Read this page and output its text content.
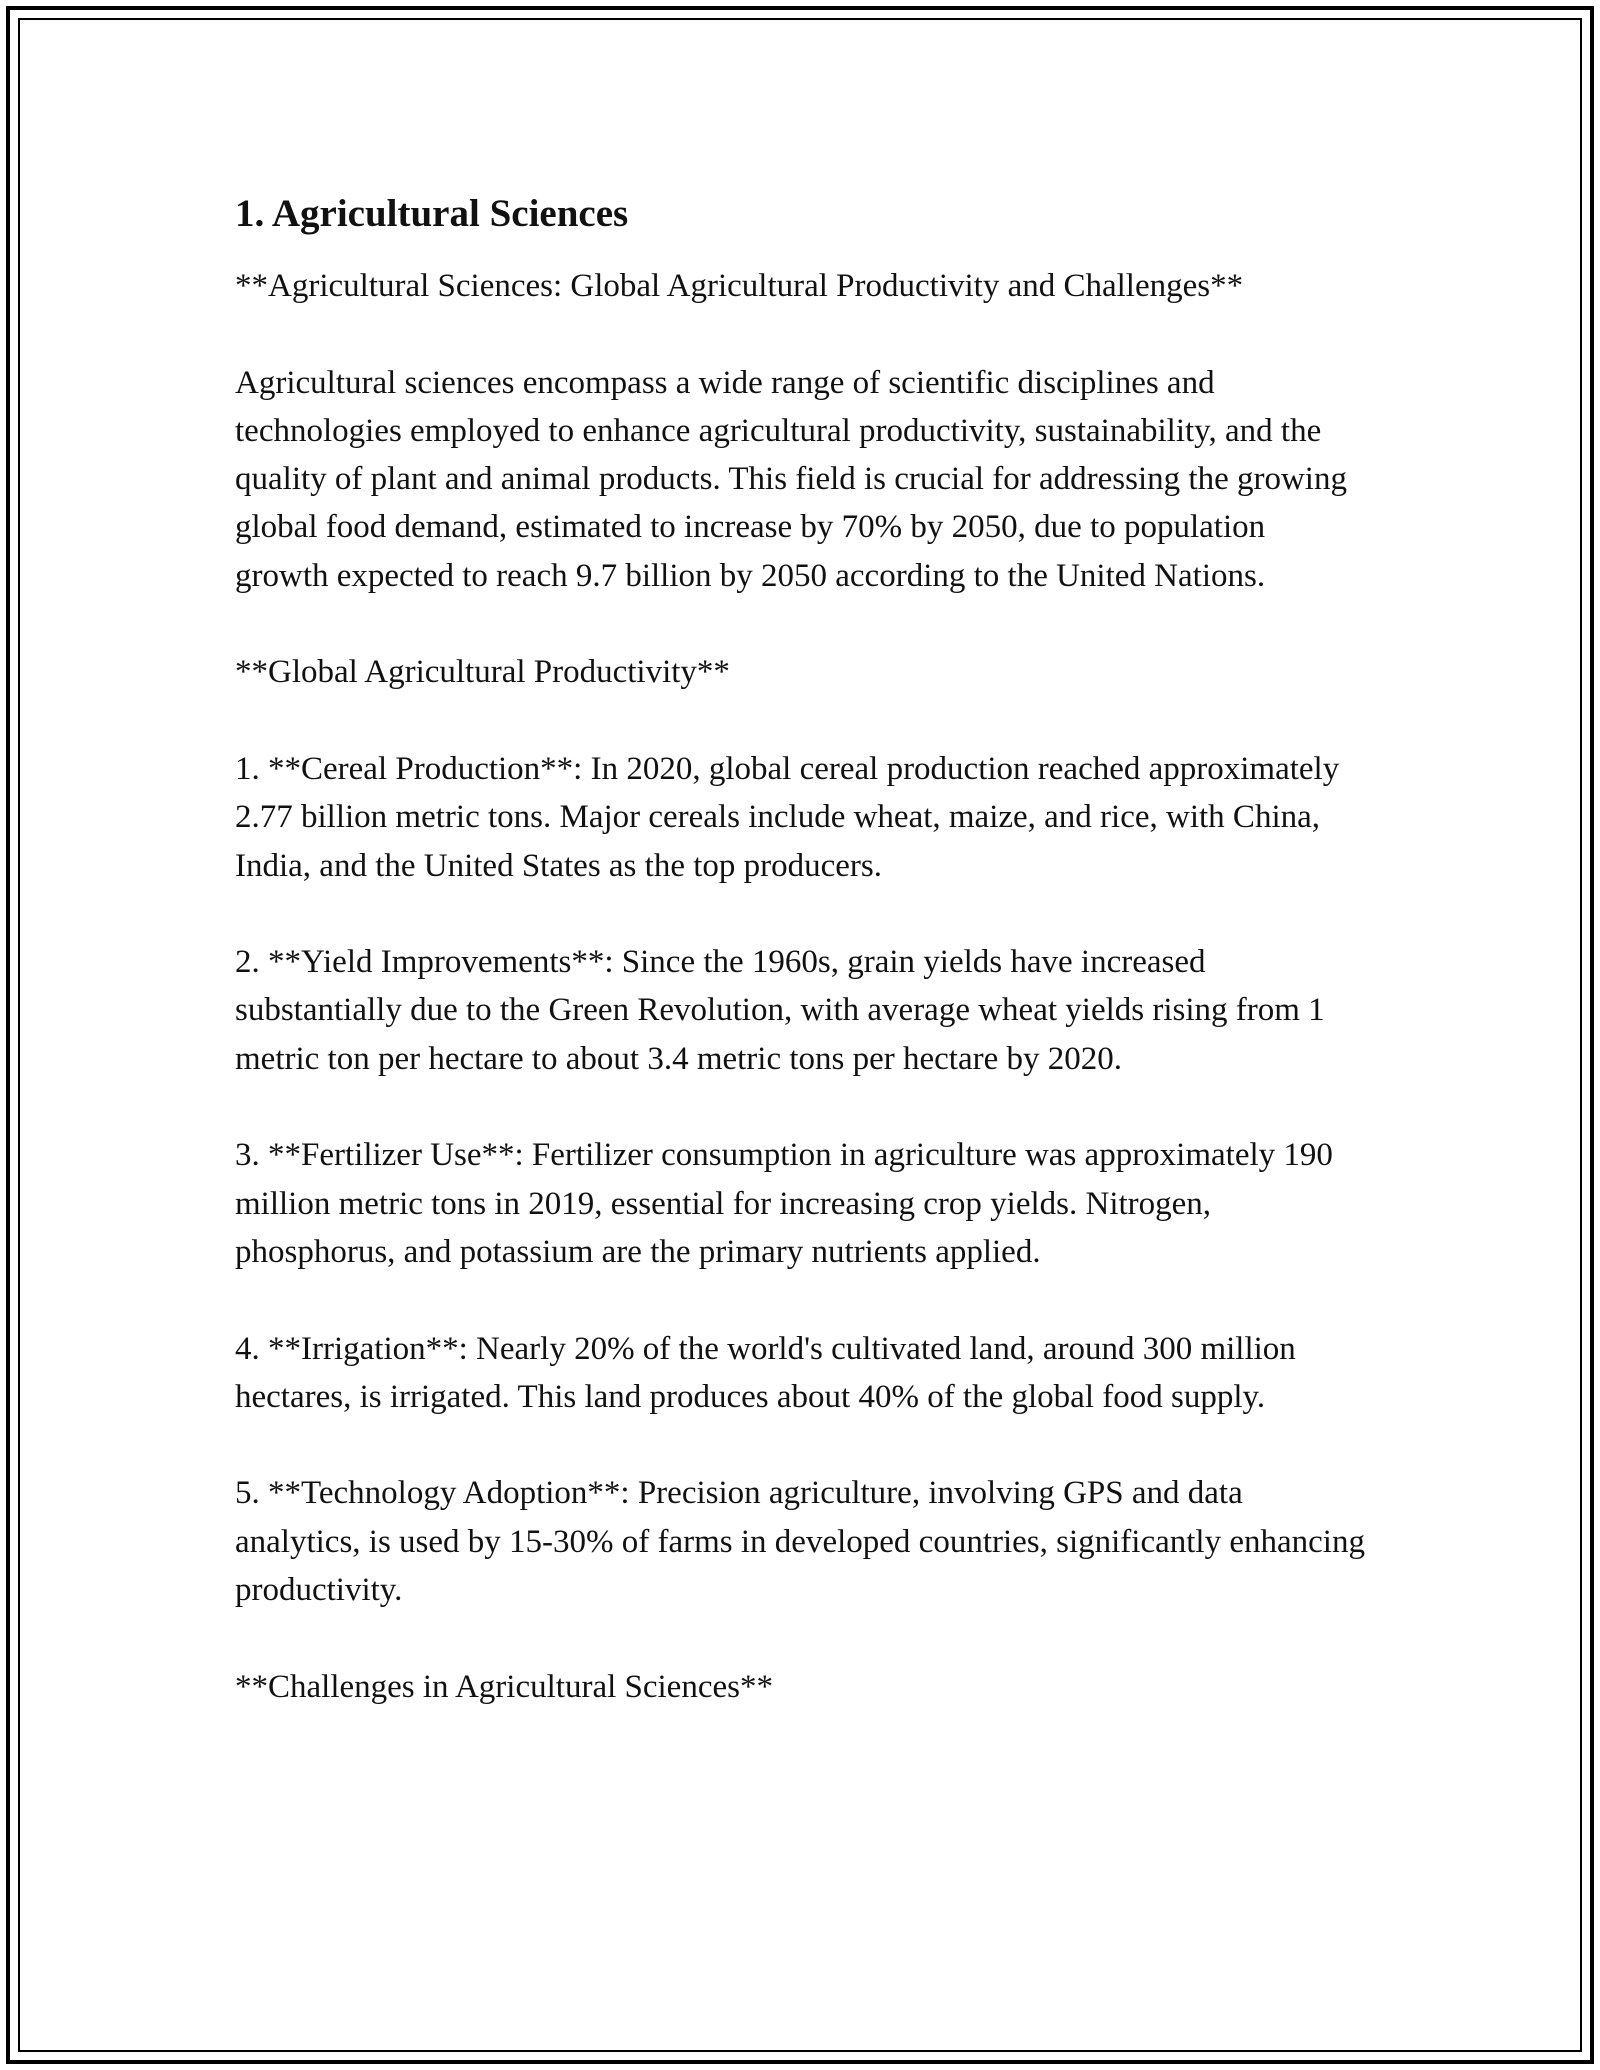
1. Agricultural Sciences

**Agricultural Sciences: Global Agricultural Productivity and Challenges**

Agricultural sciences encompass a wide range of scientific disciplines and technologies employed to enhance agricultural productivity, sustainability, and the quality of plant and animal products. This field is crucial for addressing the growing global food demand, estimated to increase by 70% by 2050, due to population growth expected to reach 9.7 billion by 2050 according to the United Nations.

**Global Agricultural Productivity**

1. **Cereal Production**: In 2020, global cereal production reached approximately 2.77 billion metric tons. Major cereals include wheat, maize, and rice, with China, India, and the United States as the top producers.

2. **Yield Improvements**: Since the 1960s, grain yields have increased substantially due to the Green Revolution, with average wheat yields rising from 1 metric ton per hectare to about 3.4 metric tons per hectare by 2020.

3. **Fertilizer Use**: Fertilizer consumption in agriculture was approximately 190 million metric tons in 2019, essential for increasing crop yields. Nitrogen, phosphorus, and potassium are the primary nutrients applied.

4. **Irrigation**: Nearly 20% of the world's cultivated land, around 300 million hectares, is irrigated. This land produces about 40% of the global food supply.

5. **Technology Adoption**: Precision agriculture, involving GPS and data analytics, is used by 15-30% of farms in developed countries, significantly enhancing productivity.

**Challenges in Agricultural Sciences**
